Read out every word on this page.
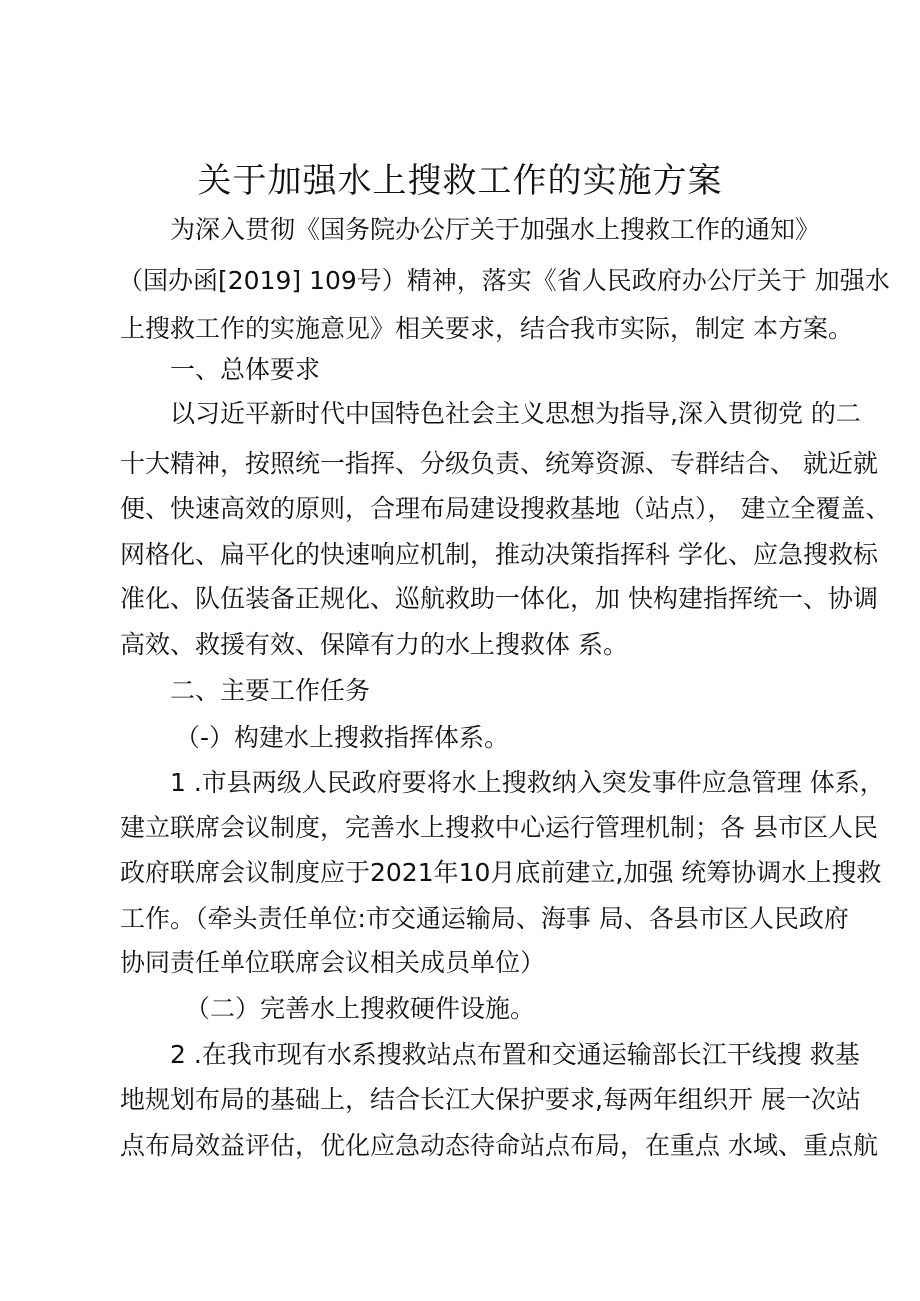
关于加强水上搜救工作的实施方案
为深入贯彻《国务院办公厅关于加强水上搜救工作的通知》
（国办函[2019] 109号）精神，落实《省人民政府办公厅关于 加强水
上搜救工作的实施意见》相关要求，结合我市实际，制定 本方案。
一、总体要求
以习近平新时代中国特色社会主义思想为指导,深入贯彻党 的二
十大精神，按照统一指挥、分级负责、统筹资源、专群结合、 就近就
便、快速高效的原则，合理布局建设搜救基地（站点）， 建立全覆盖、
网格化、扁平化的快速响应机制，推动决策指挥科 学化、应急搜救标
准化、队伍装备正规化、巡航救助一体化，加 快构建指挥统一、协调
高效、救援有效、保障有力的水上搜救体 系。
二、主要工作任务
（-）构建水上搜救指挥体系。
1 .市县两级人民政府要将水上搜救纳入突发事件应急管理 体系，
建立联席会议制度，完善水上搜救中心运行管理机制；各 县市区人民
政府联席会议制度应于2021年10月底前建立,加强 统筹协调水上搜救
工作。（牵头责任单位:市交通运输局、海事 局、各县市区人民政府
协同责任单位联席会议相关成员单位）
（二）完善水上搜救硬件设施。
2 .在我市现有水系搜救站点布置和交通运输部长江干线搜 救基
地规划布局的基础上，结合长江大保护要求,每两年组织开 展一次站
点布局效益评估，优化应急动态待命站点布局，在重点 水域、重点航
